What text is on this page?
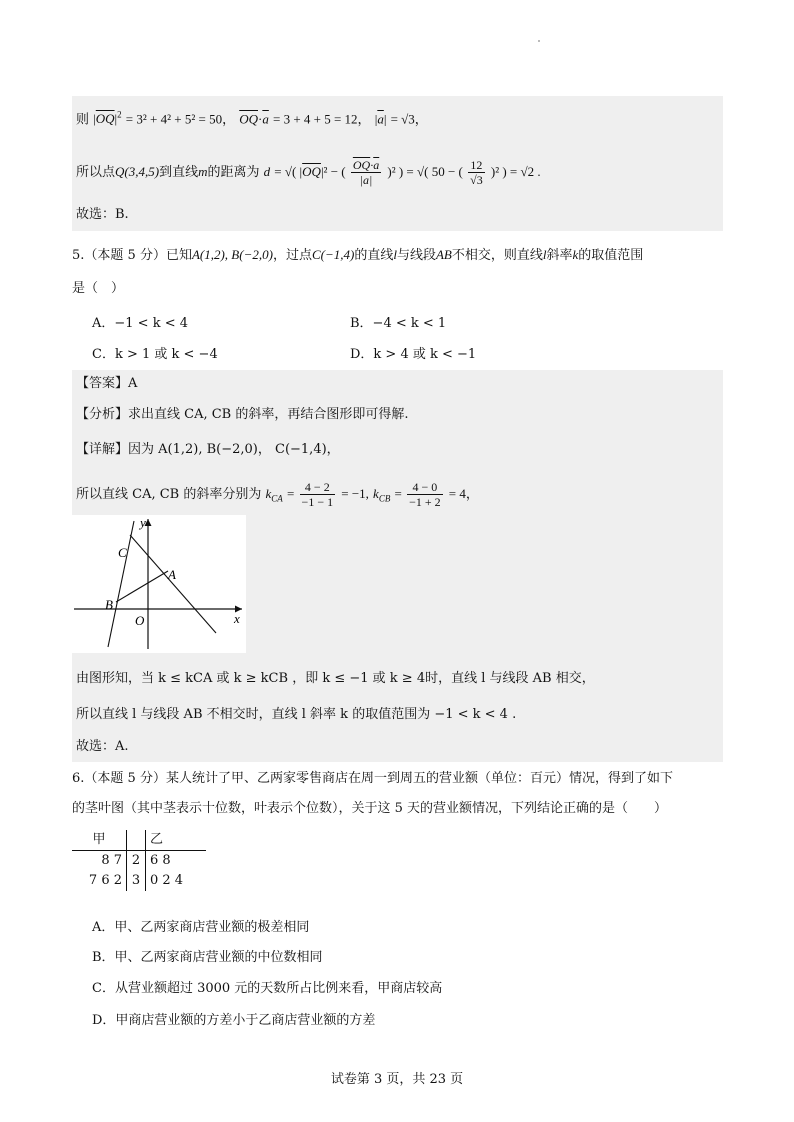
则 $|\overline{OQ}|^2 = 3^2 + 4^2 + 5^2 = 50$， $\overline{OQ}\cdot\overline{a} = 3 + 4 + 5 = 12$， $|\overline{a}| = √3$，
所以点Q(3,4,5)到直线m的距离为 d = √( $|\overline{OQ}|^2$ − ( $\frac{\overline{OQ}\cdot\overline{a}}{|\overline{a}|} )^2$ ) = √( 50 − ( $\frac{12}{√3} )^2$ ) = √2 .
故选：B.
5.（本题 5 分）已知A(1,2), B(−2,0)，过点C(−1,4)的直线l与线段AB不相交，则直线l斜率k的取值范围
是（　）
A．−1 < k < 4	B．−4 < k < 1
C．k > 1 或 k < −4	D．k > 4 或 k < −1
【答案】A
【分析】求出直线 CA, CB 的斜率，再结合图形即可得解.
【详解】因为 A(1,2), B(−2,0)， C(−1,4)，
所以直线 CA, CB 的斜率分别为 $k_{CA} = \frac{4 - 2}{-1 - 1} = -1$, $k_{CB} = \frac{4 - 0}{-1 + 2} = 4$，
y
x
C
A
B
O
由图形知，当 k ≤ kCA 或 k ≥ kCB ，即 k ≤ −1 或 k ≥ 4时，直线 l 与线段 AB 相交，
所以直线 l 与线段 AB 不相交时，直线 l 斜率 k 的取值范围为 −1 < k < 4 .
故选：A.
6.（本题 5 分）某人统计了甲、乙两家零售商店在周一到周五的营业额（单位：百元）情况，得到了如下
的茎叶图（其中茎表示十位数，叶表示个位数），关于这 5 天的营业额情况，下列结论正确的是（　　）
甲		乙
8 7	2	6 8
7 6 2	3	0 2 4
A．甲、乙两家商店营业额的极差相同
B．甲、乙两家商店营业额的中位数相同
C．从营业额超过 3000 元的天数所占比例来看，甲商店较高
D．甲商店营业额的方差小于乙商店营业额的方差
试卷第 3 页，共 23 页
